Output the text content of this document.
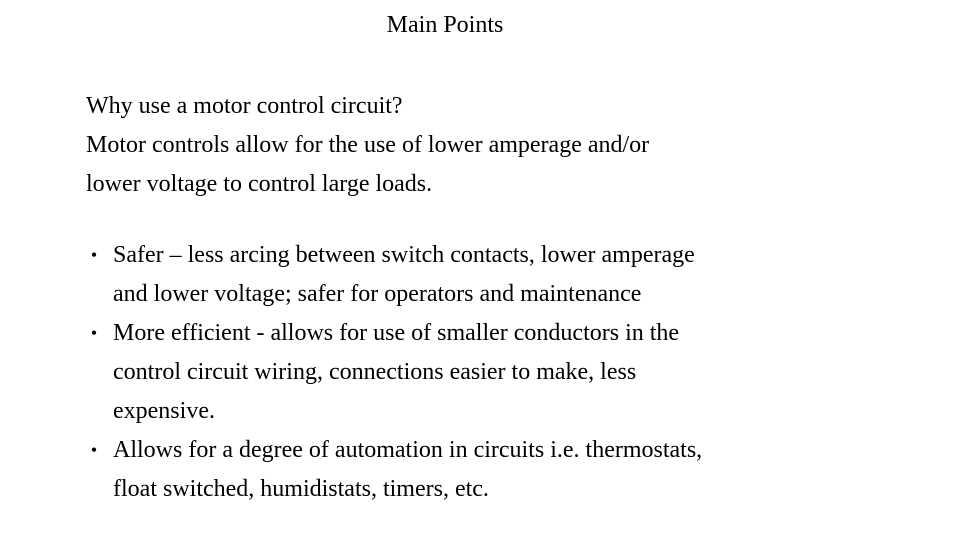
Main Points
Why use a motor control circuit?
Motor controls allow for the use of lower amperage and/or
lower voltage to control large loads.
• Safer – less arcing between switch contacts, lower amperage
and lower voltage; safer for operators and maintenance
• More efficient - allows for use of smaller conductors in the
control circuit wiring, connections easier to make, less
expensive.
• Allows for a degree of automation in circuits i.e. thermostats,
float switched, humidistats, timers, etc.
